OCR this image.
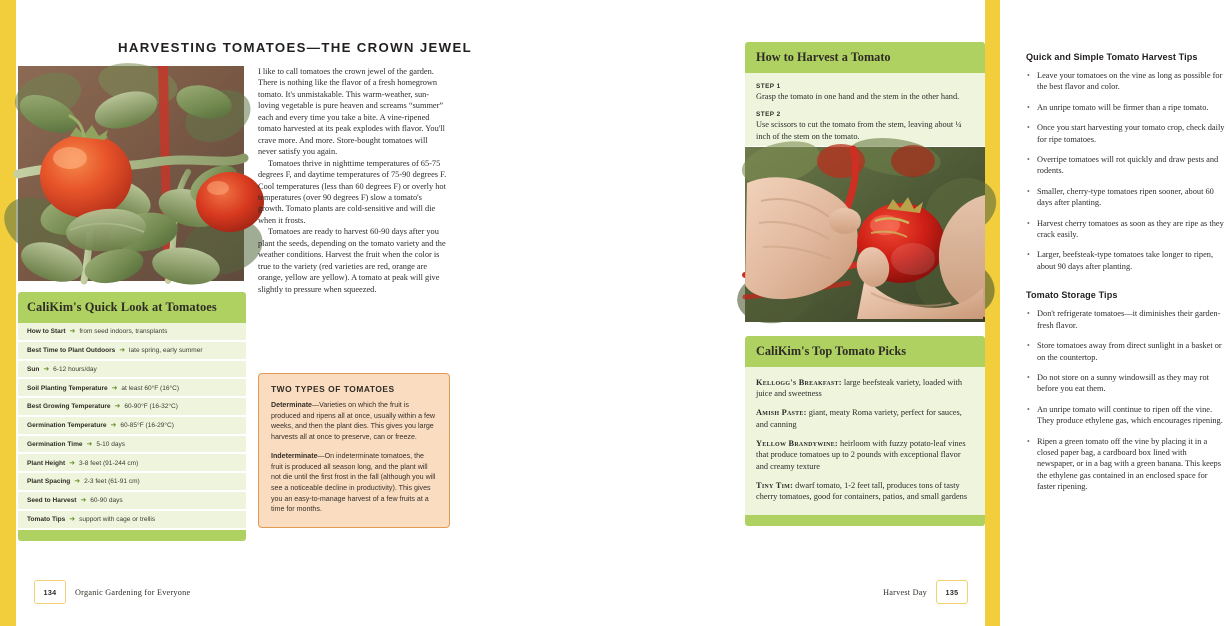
HARVESTING TOMATOES—THE CROWN JEWEL

I like to call tomatoes the crown jewel of the garden. There is nothing like the flavor of a fresh homegrown tomato. It's unmistakable. This warm-weather, sun-loving vegetable is pure heaven and screams “summer” each and every time you take a bite. A vine-ripened tomato harvested at its peak explodes with flavor. You'll crave more. And more. Store-bought tomatoes will never satisfy you again.

Tomatoes thrive in nighttime temperatures of 65-75 degrees F, and daytime temperatures of 75-90 degrees F. Cool temperatures (less than 60 degrees F) or overly hot temperatures (over 90 degrees F) slow a tomato's growth. Tomato plants are cold-sensitive and will die when it frosts.

Tomatoes are ready to harvest 60-90 days after you plant the seeds, depending on the tomato variety and the weather conditions. Harvest the fruit when the color is true to the variety (red varieties are red, orange are orange, yellow are yellow). A tomato at peak will give slightly to pressure when squeezed.

CaliKim's Quick Look at Tomatoes
How to Start ➜ from seed indoors, transplants
Best Time to Plant Outdoors ➜ late spring, early summer
Sun ➜ 6-12 hours/day
Soil Planting Temperature ➜ at least 60°F (16°C)
Best Growing Temperature ➜ 60-90°F (16-32°C)
Germination Temperature ➜ 60-85°F (16-29°C)
Germination Time ➜ 5-10 days
Plant Height ➜ 3-8 feet (91-244 cm)
Plant Spacing ➜ 2-3 feet (61-91 cm)
Seed to Harvest ➜ 60-90 days
Tomato Tips ➜ support with cage or trellis
TWO TYPES OF TOMATOES

Determinate—Varieties on which the fruit is produced and ripens all at once, usually within a few weeks, and then the plant dies. This gives you large harvests all at once to preserve, can or freeze.

Indeterminate—On indeterminate tomatoes, the fruit is produced all season long, and the plant will not die until the first frost in the fall (although you will see a noticeable decline in productivity). This gives you an easy-to-manage harvest of a few fruits at a time for months.

134 Organic Gardening for Everyone
Quick and Simple Tomato Harvest Tips
• Leave your tomatoes on the vine as long as possible for the best flavor and color.
• An unripe tomato will be firmer than a ripe tomato.
• Once you start harvesting your tomato crop, check daily for ripe tomatoes.
• Overripe tomatoes will rot quickly and draw pests and rodents.
• Smaller, cherry-type tomatoes ripen sooner, about 60 days after planting.
• Harvest cherry tomatoes as soon as they are ripe as they crack easily.
• Larger, beefsteak-type tomatoes take longer to ripen, about 90 days after planting.
Tomato Storage Tips
• Don't refrigerate tomatoes—it diminishes their garden-fresh flavor.
• Store tomatoes away from direct sunlight in a basket or on the countertop.
• Do not store on a sunny windowsill as they may rot before you eat them.
• An unripe tomato will continue to ripen off the vine. They produce ethylene gas, which encourages ripening.
• Ripen a green tomato off the vine by placing it in a closed paper bag, a cardboard box lined with newspaper, or in a bag with a green banana. This keeps the ethylene gas contained in an enclosed space for faster ripening.
Harvest Day	135
How to Harvest a Tomato
STEP 1
Grasp the tomato in one hand and the stem in the other hand.
STEP 2
Use scissors to cut the tomato from the stem, leaving about ¼ inch of the stem on the tomato.
CaliKim's Top Tomato Picks
Kellogg's Breakfast: large beefsteak variety, loaded with juice and sweetness
Amish Paste: giant, meaty Roma variety, perfect for sauces, and canning
Yellow Brandywine: heirloom with fuzzy potato-leaf vines that produce tomatoes up to 2 pounds with exceptional flavor and creamy texture
Tiny Tim: dwarf tomato, 1-2 feet tall, produces tons of tasty cherry tomatoes, good for containers, patios, and small gardens
